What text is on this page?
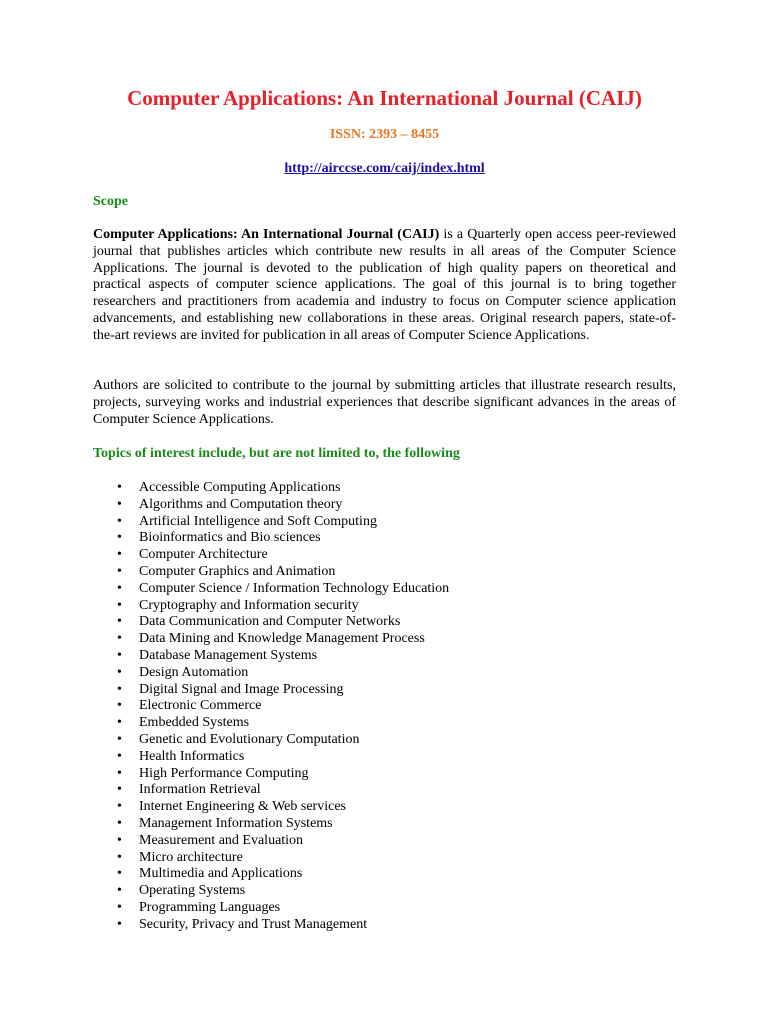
Computer Applications: An International Journal (CAIJ)
ISSN: 2393 – 8455
http://airccse.com/caij/index.html
Scope

Computer Applications: An International Journal (CAIJ) is a Quarterly open access peer-reviewed journal that publishes articles which contribute new results in all areas of the Computer Science Applications. The journal is devoted to the publication of high quality papers on theoretical and practical aspects of computer science applications. The goal of this journal is to bring together researchers and practitioners from academia and industry to focus on Computer science application advancements, and establishing new collaborations in these areas. Original research papers, state-of-the-art reviews are invited for publication in all areas of Computer Science Applications.

Authors are solicited to contribute to the journal by submitting articles that illustrate research results, projects, surveying works and industrial experiences that describe significant advances in the areas of Computer Science Applications.

Topics of interest include, but are not limited to, the following
• Accessible Computing Applications
• Algorithms and Computation theory
• Artificial Intelligence and Soft Computing
• Bioinformatics and Bio sciences
• Computer Architecture
• Computer Graphics and Animation
• Computer Science / Information Technology Education
• Cryptography and Information security
• Data Communication and Computer Networks
• Data Mining and Knowledge Management Process
• Database Management Systems
• Design Automation
• Digital Signal and Image Processing
• Electronic Commerce
• Embedded Systems
• Genetic and Evolutionary Computation
• Health Informatics
• High Performance Computing
• Information Retrieval
• Internet Engineering & Web services
• Management Information Systems
• Measurement and Evaluation
• Micro architecture
• Multimedia and Applications
• Operating Systems
• Programming Languages
• Security, Privacy and Trust Management
